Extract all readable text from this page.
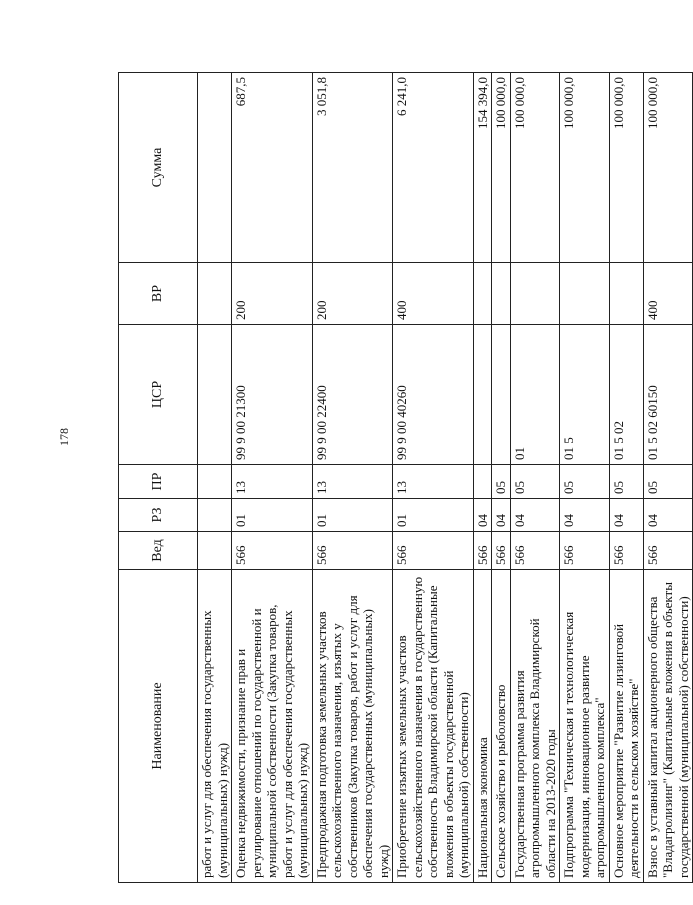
178
Наименование	Вед	РЗ	ПР	ЦСР	ВР	Сумма
работ и услуг для обеспечения государственных (муниципальных) нужд)						
Оценка недвижимости, признание прав и регулирование отношений по государственной и муниципальной собственности (Закупка товаров, работ и услуг для обеспечения государственных (муниципальных) нужд)	566	01	13	99 9 00 21300	200	687,5
Предпродажная подготовка земельных участков сельскохозяйственного назначения, изъятых у собственников (Закупка товаров, работ и услуг для обеспечения государственных (муниципальных) нужд)	566	01	13	99 9 00 22400	200	3 051,8
Приобретение изъятых земельных участков сельскохозяйственного назначения в государственную собственность Владимирской области (Капитальные вложения в объекты государственной (муниципальной) собственности)	566	01	13	99 9 00 40260	400	6 241,0
Национальная экономика	566	04				154 394,0
Сельское хозяйство и рыболовство	566	04	05			100 000,0
Государственная программа развития агропромышленного комплекса Владимирской области на 2013-2020 годы	566	04	05	01		100 000,0
Подпрограмма "Техническая и технологическая модернизация, инновационное развитие агропромышленного комплекса"	566	04	05	01 5		100 000,0
Основное мероприятие "Развитие лизинговой деятельности в сельском хозяйстве"	566	04	05	01 5 02		100 000,0
Взнос в уставный капитал акционерного общества "Владагролизинг" (Капитальные вложения в объекты государственной (муниципальной) собственности)	566	04	05	01 5 02 60150	400	100 000,0
